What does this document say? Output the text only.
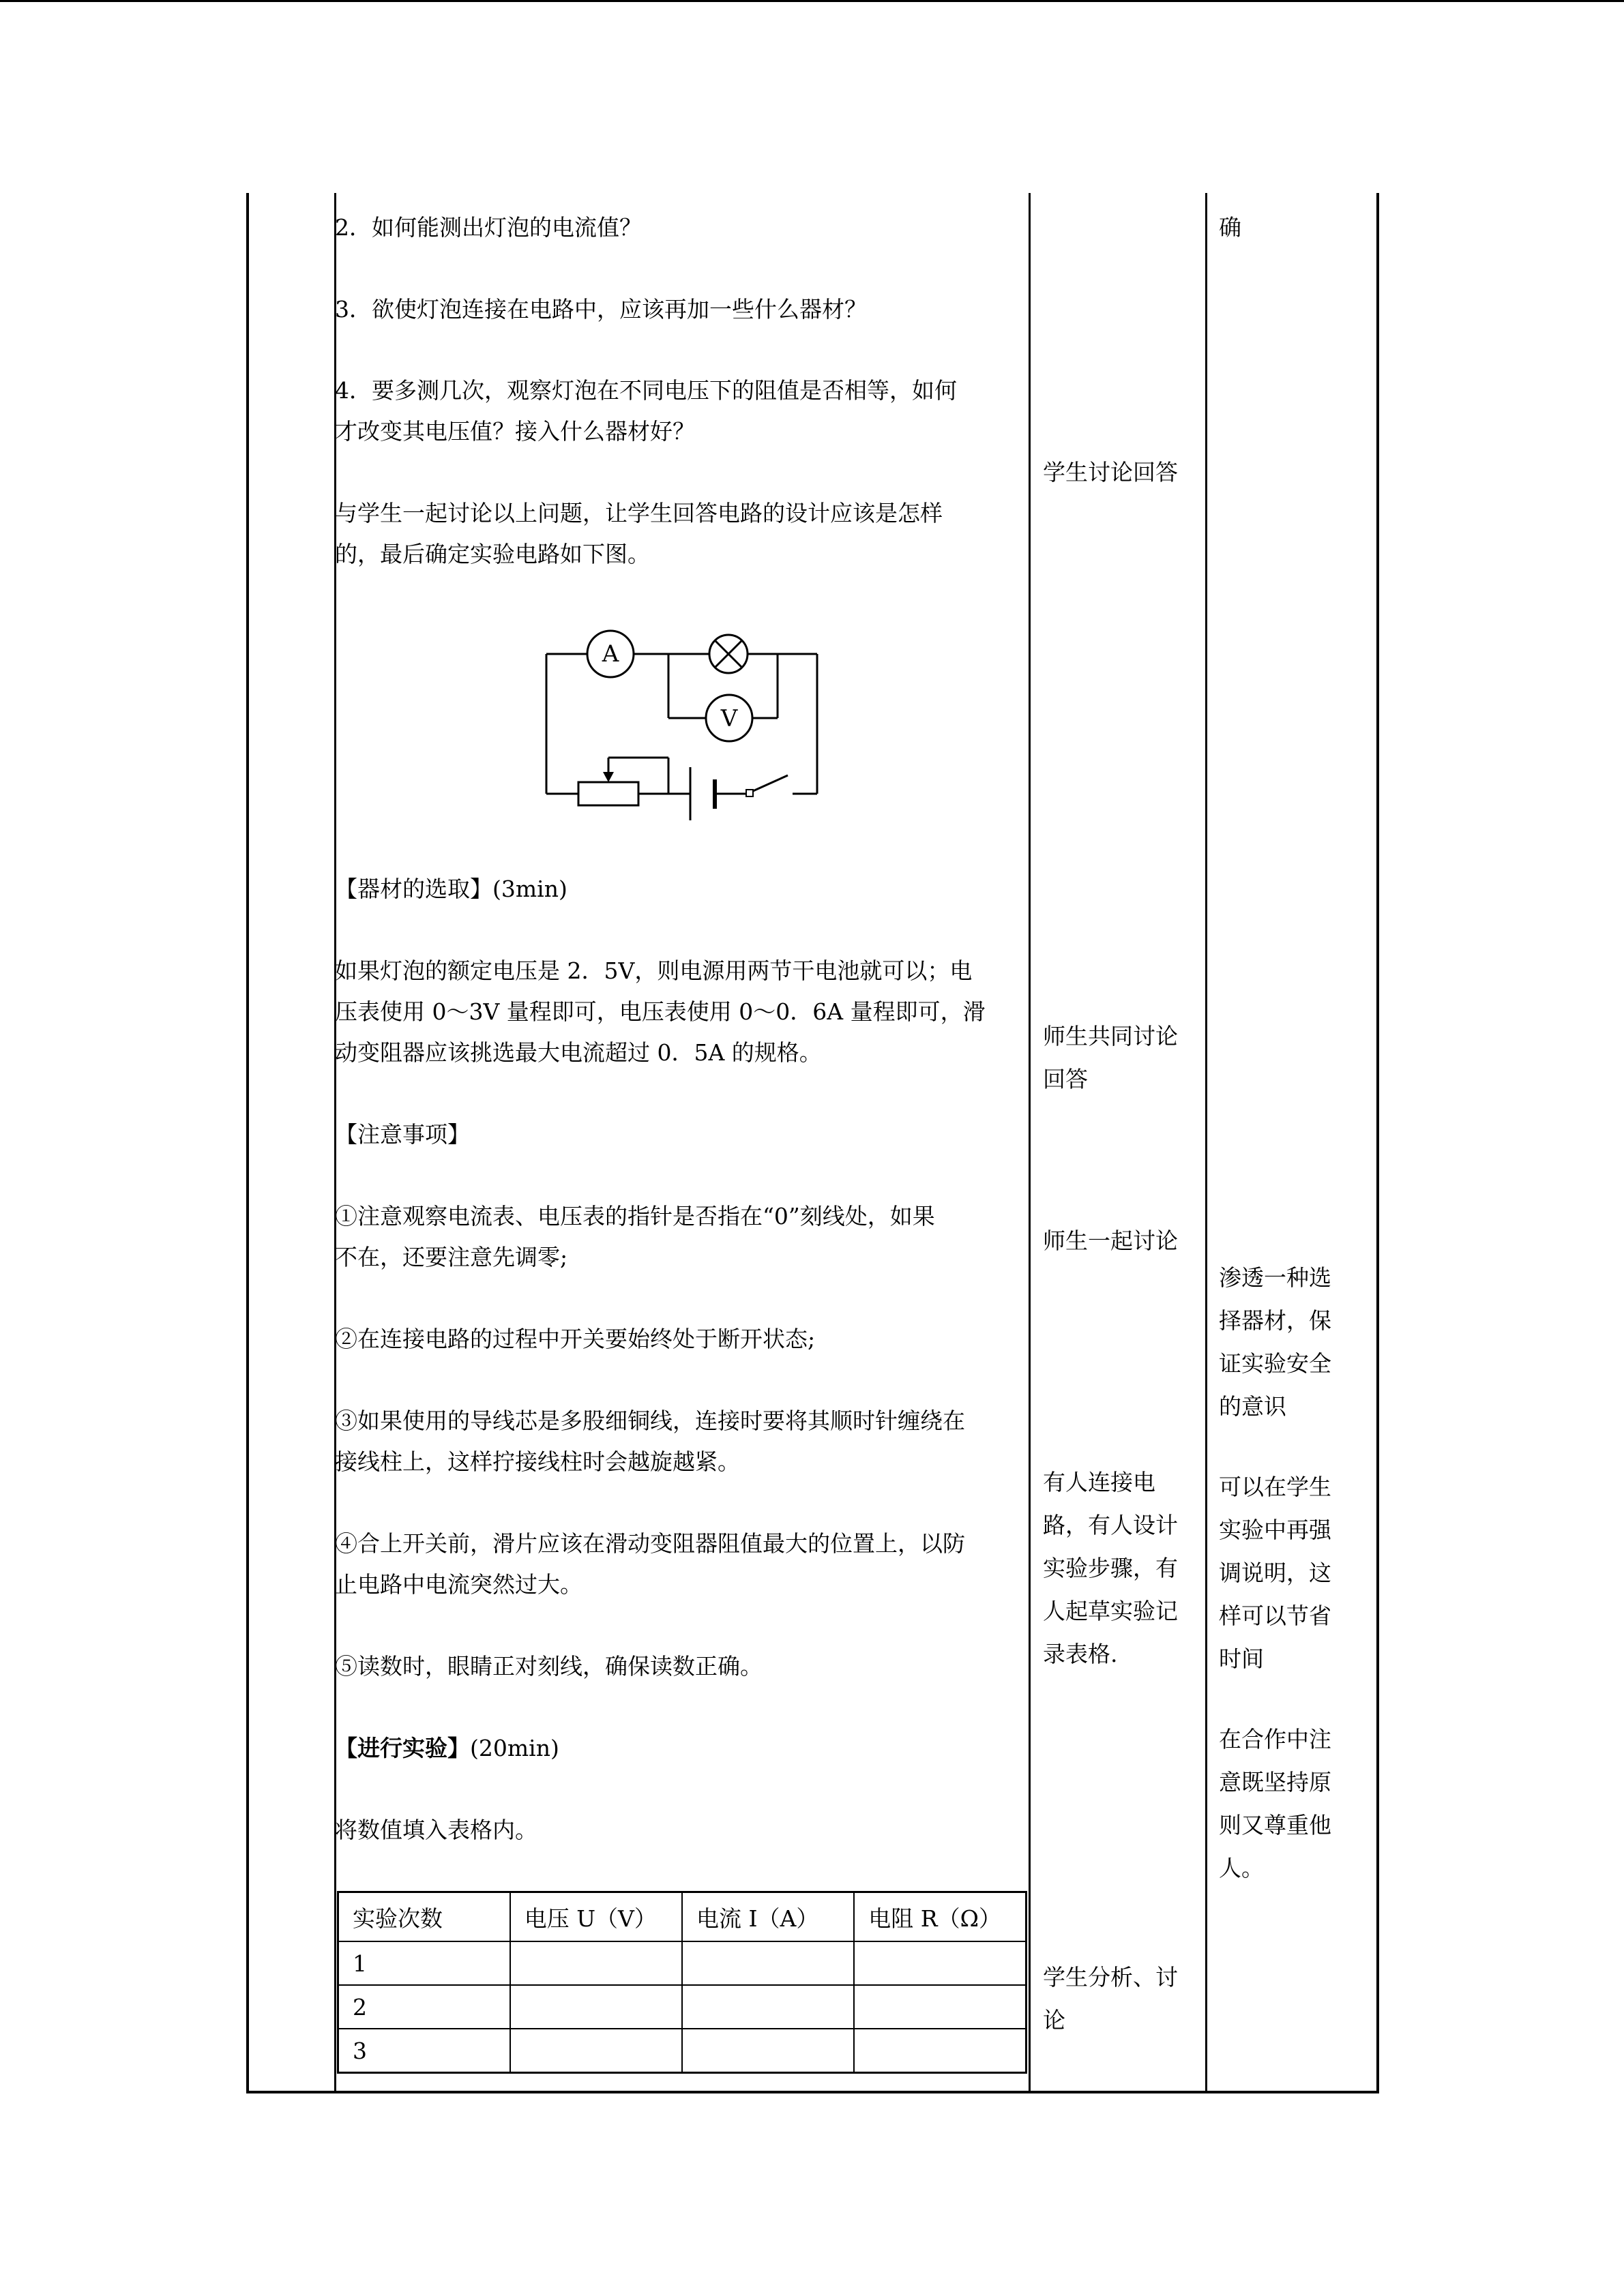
2．如何能测出灯泡的电流值？
3．欲使灯泡连接在电路中，应该再加一些什么器材？
4．要多测几次，观察灯泡在不同电压下的阻值是否相等，如何
才改变其电压值？接入什么器材好？
与学生一起讨论以上问题，让学生回答电路的设计应该是怎样
的，最后确定实验电路如下图。
A
V
【器材的选取】(3min)
如果灯泡的额定电压是 2．5V，则电源用两节干电池就可以；电
压表使用 0～3V 量程即可，电压表使用 0～0．6A 量程即可，滑
动变阻器应该挑选最大电流超过 0．5A 的规格。
【注意事项】
①注意观察电流表、电压表的指针是否指在“0”刻线处，如果
不在，还要注意先调零;
②在连接电路的过程中开关要始终处于断开状态;
③如果使用的导线芯是多股细铜线，连接时要将其顺时针缠绕在
接线柱上，这样拧接线柱时会越旋越紧。
④合上开关前，滑片应该在滑动变阻器阻值最大的位置上，以防
止电路中电流突然过大。
⑤读数时，眼睛正对刻线，确保读数正确。
【进行实验】(20min)
将数值填入表格内。
实验次数	电压 U（V）	电流 I（A）	电阻 R（Ω）
1			
2			
3			
学生讨论回答
师生共同讨论
回答
师生一起讨论
有人连接电
路，有人设计
实验步骤，有
人起草实验记
录表格.
学生分析、讨
论
确
渗透一种选
择器材，保
证实验安全
的意识
可以在学生
实验中再强
调说明，这
样可以节省
时间
在合作中注
意既坚持原
则又尊重他
人。
